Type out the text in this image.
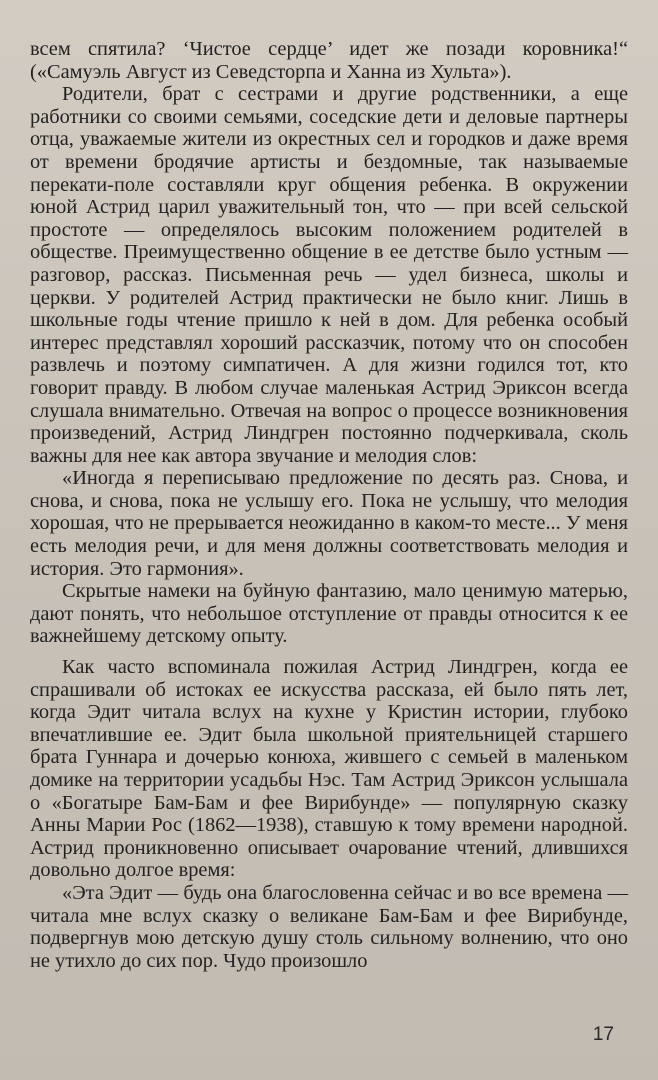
всем спятила? ‘Чистое сердце’ идет же позади коровника!“ («Самуэль Август из Севедсторпа и Ханна из Хульта»).

Родители, брат с сестрами и другие родственники, а еще работники со своими семьями, соседские дети и деловые партнеры отца, уважаемые жители из окрестных сел и городков и даже время от времени бродячие артисты и бездомные, так называемые перекати-поле составляли круг общения ребенка. В окружении юной Астрид царил уважительный тон, что — при всей сельской простоте — определялось высоким положением родителей в обществе. Преимущественно общение в ее детстве было устным — разговор, рассказ. Письменная речь — удел бизнеса, школы и церкви. У родителей Астрид практически не было книг. Лишь в школьные годы чтение пришло к ней в дом. Для ребенка особый интерес представлял хороший рассказчик, потому что он способен развлечь и поэтому симпатичен. А для жизни годился тот, кто говорит правду. В любом случае маленькая Астрид Эриксон всегда слушала внимательно. Отвечая на вопрос о процессе возникновения произведений, Астрид Линдгрен постоянно подчеркивала, сколь важны для нее как автора звучание и мелодия слов:

«Иногда я переписываю предложение по десять раз. Снова, и снова, и снова, пока не услышу его. Пока не услышу, что мелодия хорошая, что не прерывается неожиданно в каком-то месте... У меня есть мелодия речи, и для меня должны соответствовать мелодия и история. Это гармония».

Скрытые намеки на буйную фантазию, мало ценимую матерью, дают понять, что небольшое отступление от правды относится к ее важнейшему детскому опыту.

Как часто вспоминала пожилая Астрид Линдгрен, когда ее спрашивали об истоках ее искусства рассказа, ей было пять лет, когда Эдит читала вслух на кухне у Кристин истории, глубоко впечатлившие ее. Эдит была школьной приятельницей старшего брата Гуннара и дочерью конюха, жившего с семьей в маленьком домике на территории усадьбы Нэс. Там Астрид Эриксон услышала о «Богатыре Бам-Бам и фее Вирибунде» — популярную сказку Анны Марии Рос (1862—1938), ставшую к тому времени народной. Астрид проникновенно описывает очарование чтений, длившихся довольно долгое время:

«Эта Эдит — будь она благословенна сейчас и во все времена — читала мне вслух сказку о великане Бам-Бам и фее Вирибунде, подвергнув мою детскую душу столь сильному волнению, что оно не утихло до сих пор. Чудо произошло

17
